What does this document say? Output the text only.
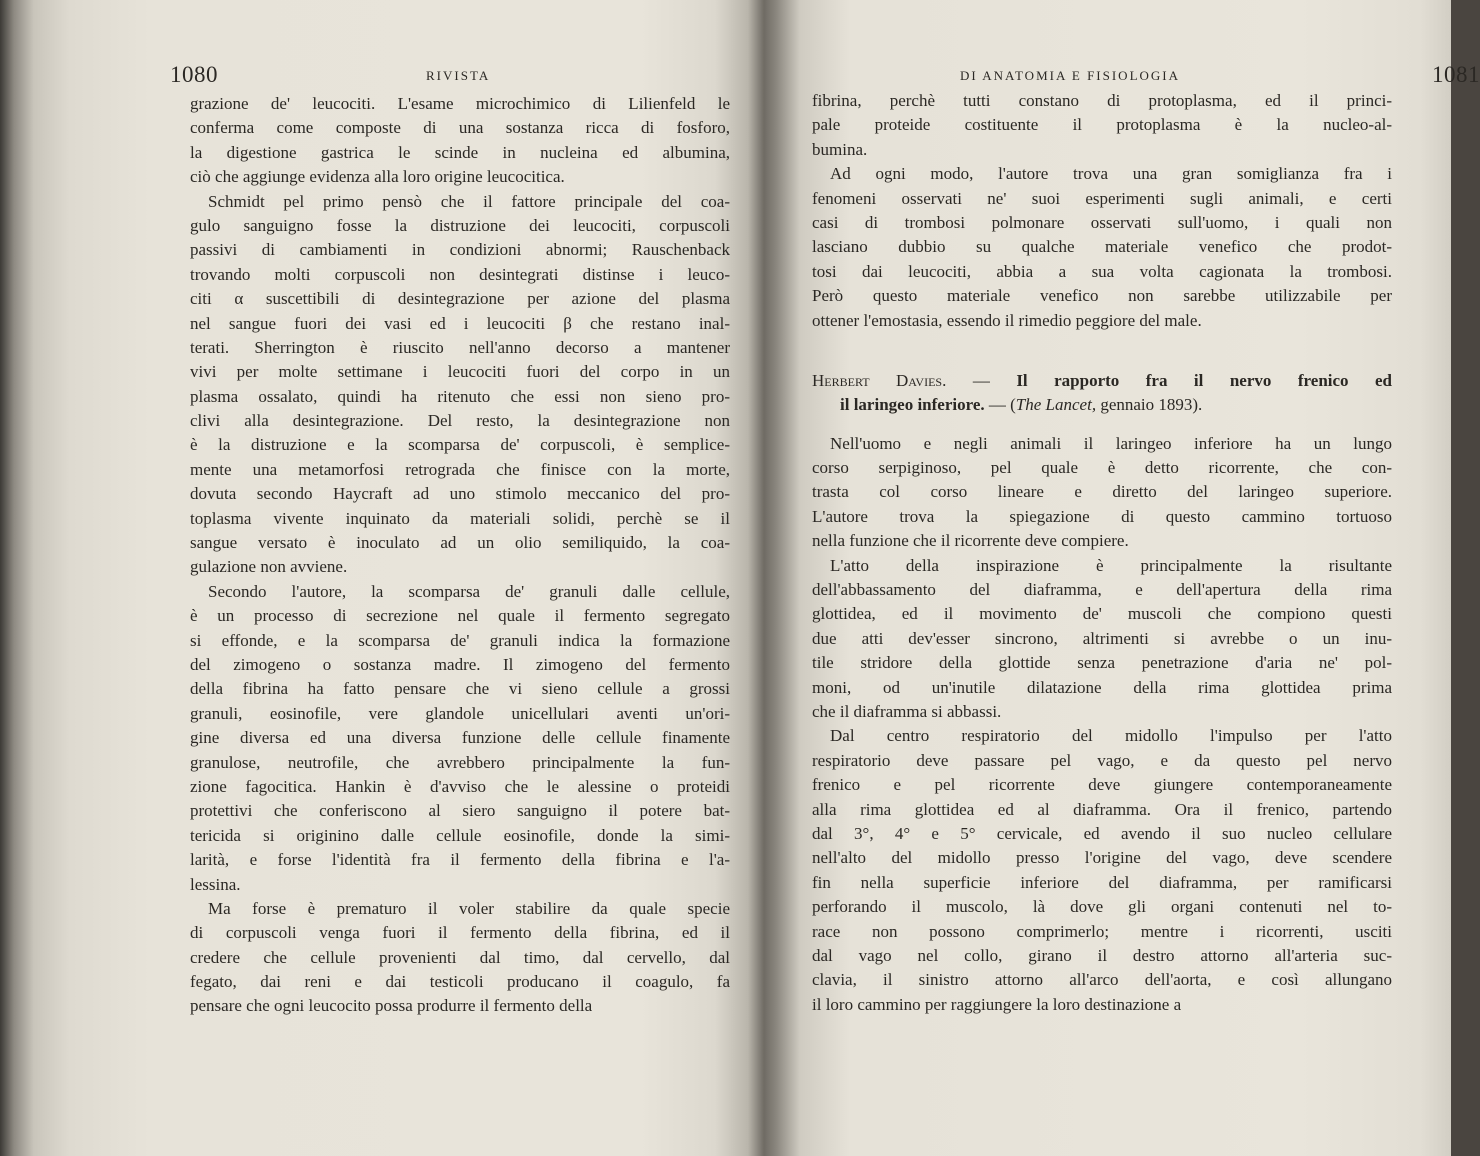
1080	RIVISTA
grazione de' leucociti. L'esame microchimico di Lilienfeld le
conferma come composte di una sostanza ricca di fosforo,
la digestione gastrica le scinde in nucleina ed albumina,
ciò che aggiunge evidenza alla loro origine leucocitica.
Schmidt pel primo pensò che il fattore principale del coa-
gulo sanguigno fosse la distruzione dei leucociti, corpuscoli
passivi di cambiamenti in condizioni abnormi; Rauschenback
trovando molti corpuscoli non desintegrati distinse i leuco-
citi α suscettibili di desintegrazione per azione del plasma
nel sangue fuori dei vasi ed i leucociti β che restano inal-
terati. Sherrington è riuscito nell'anno decorso a mantener
vivi per molte settimane i leucociti fuori del corpo in un
plasma ossalato, quindi ha ritenuto che essi non sieno pro-
clivi alla desintegrazione. Del resto, la desintegrazione non
è la distruzione e la scomparsa de' corpuscoli, è semplice-
mente una metamorfosi retrograda che finisce con la morte,
dovuta secondo Haycraft ad uno stimolo meccanico del pro-
toplasma vivente inquinato da materiali solidi, perchè se il
sangue versato è inoculato ad un olio semiliquido, la coa-
gulazione non avviene.
Secondo l'autore, la scomparsa de' granuli dalle cellule,
è un processo di secrezione nel quale il fermento segregato
si effonde, e la scomparsa de' granuli indica la formazione
del zimogeno o sostanza madre. Il zimogeno del fermento
della fibrina ha fatto pensare che vi sieno cellule a grossi
granuli, eosinofile, vere glandole unicellulari aventi un'ori-
gine diversa ed una diversa funzione delle cellule finamente
granulose, neutrofile, che avrebbero principalmente la fun-
zione fagocitica. Hankin è d'avviso che le alessine o proteidi
protettivi che conferiscono al siero sanguigno il potere bat-
tericida si originino dalle cellule eosinofile, donde la simi-
larità, e forse l'identità fra il fermento della fibrina e l'a-
lessina.
Ma forse è prematuro il voler stabilire da quale specie
di corpuscoli venga fuori il fermento della fibrina, ed il
credere che cellule provenienti dal timo, dal cervello, dal
fegato, dai reni e dai testicoli producano il coagulo, fa
pensare che ogni leucocito possa produrre il fermento della
DI ANATOMIA E FISIOLOGIA	1081
fibrina, perchè tutti constano di protoplasma, ed il princi-
pale proteide costituente il protoplasma è la nucleo-al-
bumina.
Ad ogni modo, l'autore trova una gran somiglianza fra i
fenomeni osservati ne' suoi esperimenti sugli animali, e certi
casi di trombosi polmonare osservati sull'uomo, i quali non
lasciano dubbio su qualche materiale venefico che prodot-
tosi dai leucociti, abbia a sua volta cagionata la trombosi.
Però questo materiale venefico non sarebbe utilizzabile per
ottener l'emostasia, essendo il rimedio peggiore del male.
Herbert Davies. — Il rapporto fra il nervo frenico ed
il laringeo inferiore. — (The Lancet, gennaio 1893).
Nell'uomo e negli animali il laringeo inferiore ha un lungo
corso serpiginoso, pel quale è detto ricorrente, che con-
trasta col corso lineare e diretto del laringeo superiore.
L'autore trova la spiegazione di questo cammino tortuoso
nella funzione che il ricorrente deve compiere.
L'atto della inspirazione è principalmente la risultante
dell'abbassamento del diaframma, e dell'apertura della rima
glottidea, ed il movimento de' muscoli che compiono questi
due atti dev'esser sincrono, altrimenti si avrebbe o un inu-
tile stridore della glottide senza penetrazione d'aria ne' pol-
moni, od un'inutile dilatazione della rima glottidea prima
che il diaframma si abbassi.
Dal centro respiratorio del midollo l'impulso per l'atto
respiratorio deve passare pel vago, e da questo pel nervo
frenico e pel ricorrente deve giungere contemporaneamente
alla rima glottidea ed al diaframma. Ora il frenico, partendo
dal 3°, 4° e 5° cervicale, ed avendo il suo nucleo cellulare
nell'alto del midollo presso l'origine del vago, deve scendere
fin nella superficie inferiore del diaframma, per ramificarsi
perforando il muscolo, là dove gli organi contenuti nel to-
race non possono comprimerlo; mentre i ricorrenti, usciti
dal vago nel collo, girano il destro attorno all'arteria suc-
clavia, il sinistro attorno all'arco dell'aorta, e così allungano
il loro cammino per raggiungere la loro destinazione a
